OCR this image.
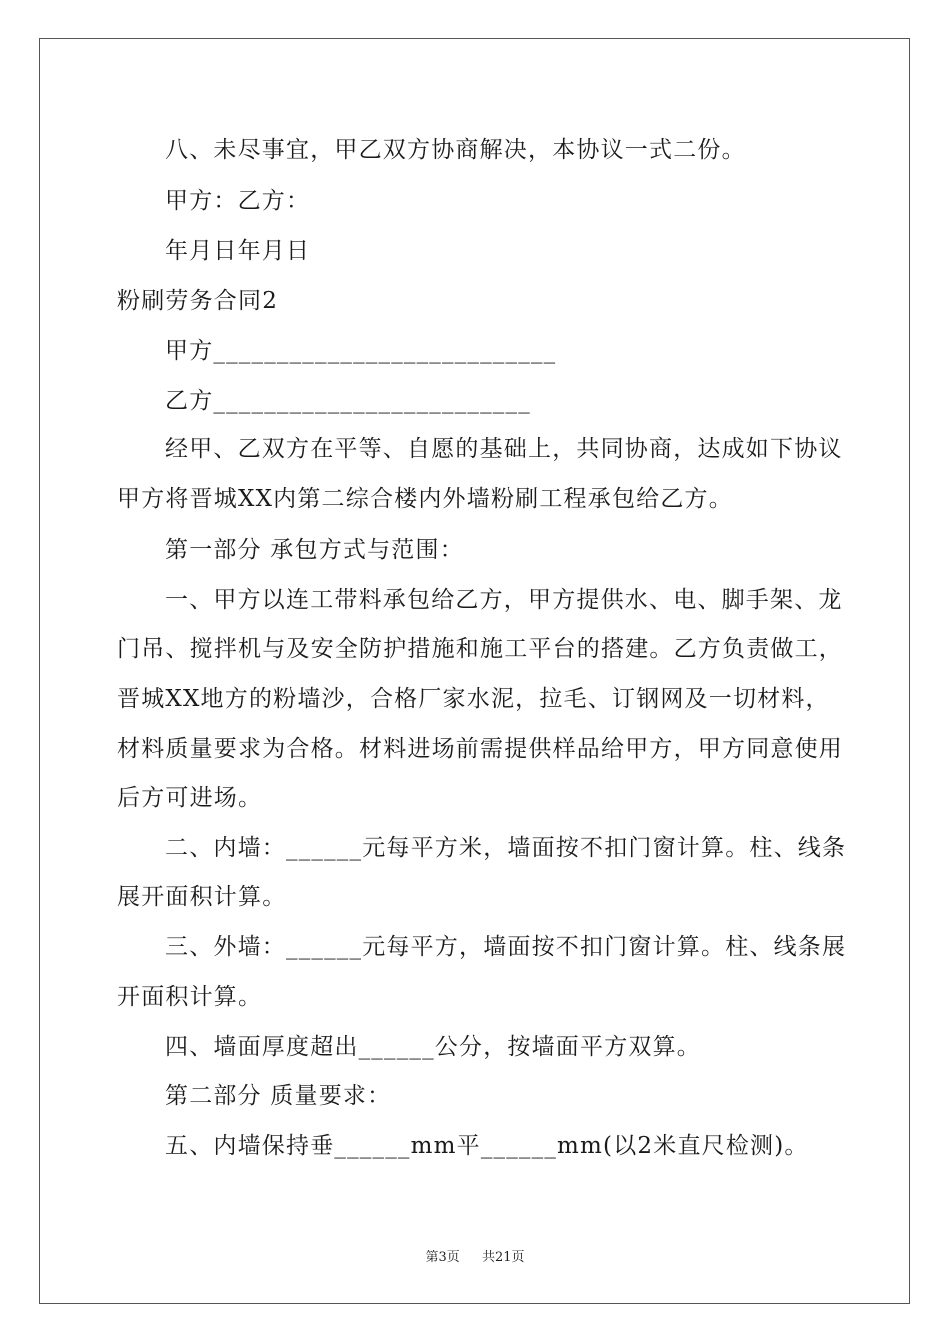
八、未尽事宜，甲乙双方协商解决，本协议一式二份。
甲方：乙方：
年月日年月日
粉刷劳务合同2
甲方___________________________
乙方_________________________
经甲、乙双方在平等、自愿的基础上，共同协商，达成如下协议
甲方将晋城XX内第二综合楼内外墙粉刷工程承包给乙方。
第一部分 承包方式与范围：
一、甲方以连工带料承包给乙方，甲方提供水、电、脚手架、龙
门吊、搅拌机与及安全防护措施和施工平台的搭建。乙方负责做工，
晋城XX地方的粉墙沙，合格厂家水泥，拉毛、订钢网及一切材料，
材料质量要求为合格。材料进场前需提供样品给甲方，甲方同意使用
后方可进场。
二、内墙：______元每平方米，墙面按不扣门窗计算。柱、线条
展开面积计算。
三、外墙：______元每平方，墙面按不扣门窗计算。柱、线条展
开面积计算。
四、墙面厚度超出______公分，按墙面平方双算。
第二部分 质量要求：
五、内墙保持垂______mm平______mm(以2米直尺检测)。
第3页 共21页
